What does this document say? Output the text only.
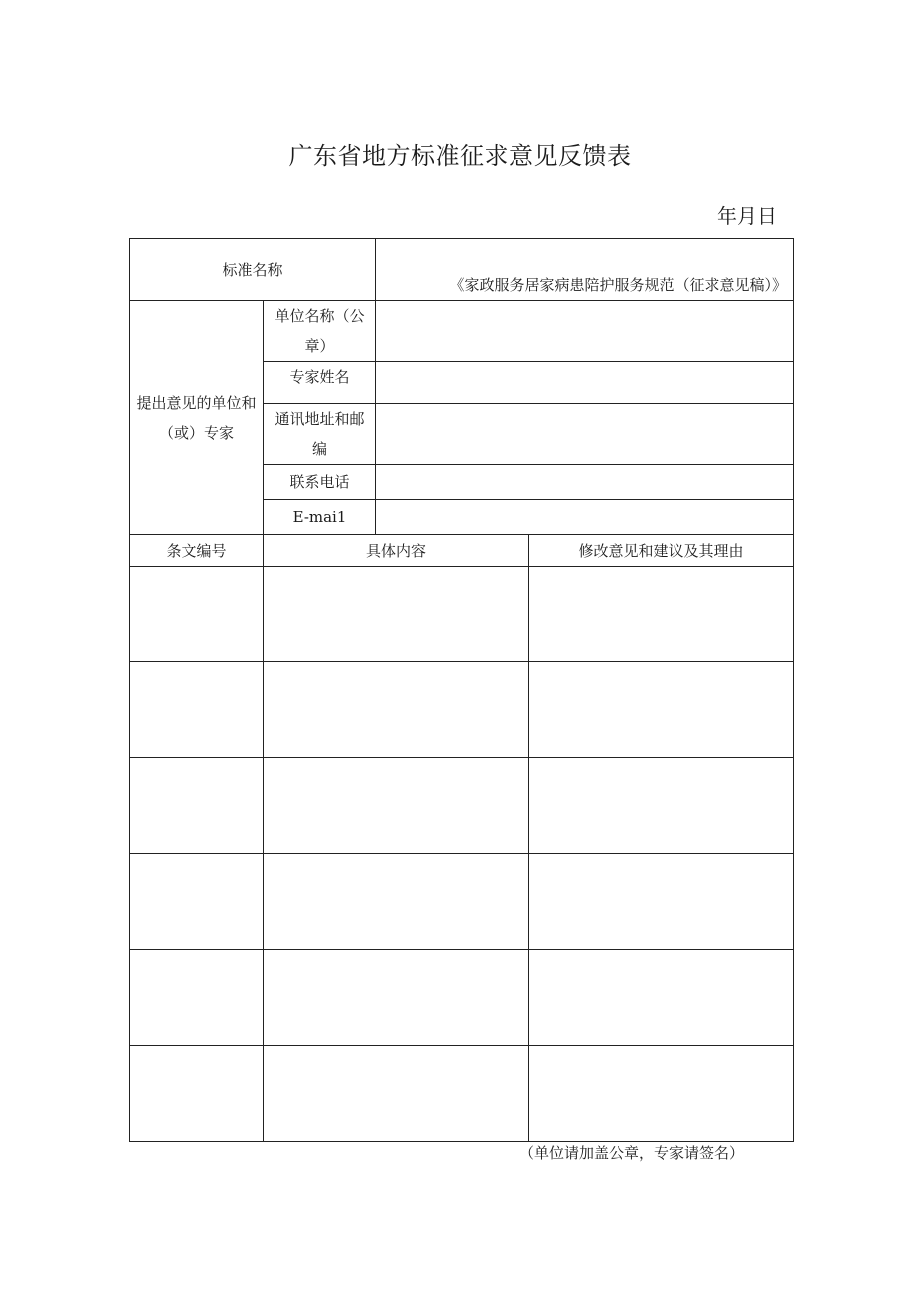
广东省地方标准征求意见反馈表
年月日
标准名称		《家政服务居家病患陪护服务规范（征求意见稿）》	
提出意见的单位和（或）专家	单位名称（公章）		
	专家姓名		
	通讯地址和邮编		
	联系电话		
	E-mai1		
条文编号	具体内容		修改意见和建议及其理由

（单位请加盖公章，专家请签名）
